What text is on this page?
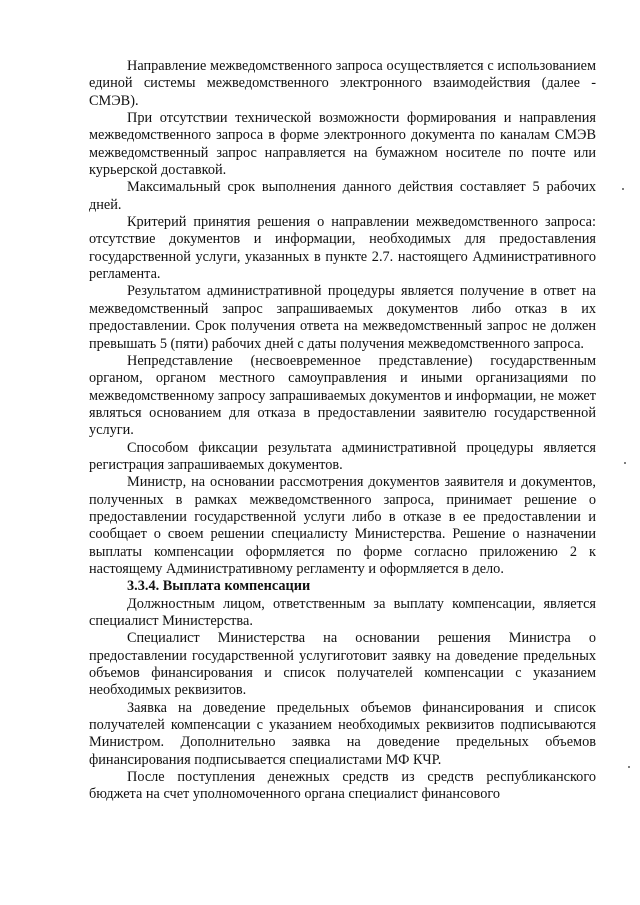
Направление межведомственного запроса осуществляется с использованием единой системы межведомственного электронного взаимодействия (далее - СМЭВ).

При отсутствии технической возможности формирования и направления межведомственного запроса в форме электронного документа по каналам СМЭВ межведомственный запрос направляется на бумажном носителе по почте или курьерской доставкой.

Максимальный срок выполнения данного действия составляет 5 рабочих дней.

Критерий принятия решения о направлении межведомственного запроса: отсутствие документов и информации, необходимых для предоставления государственной услуги, указанных в пункте 2.7. настоящего Административного регламента.

Результатом административной процедуры является получение в ответ на межведомственный запрос запрашиваемых документов либо отказ в их предоставлении. Срок получения ответа на межведомственный запрос не должен превышать 5 (пяти) рабочих дней с даты получения межведомственного запроса.

Непредставление (несвоевременное представление) государственным органом, органом местного самоуправления и иными организациями по межведомственному запросу запрашиваемых документов и информации, не может являться основанием для отказа в предоставлении заявителю государственной услуги.

Способом фиксации результата административной процедуры является регистрация запрашиваемых документов.

Министр, на основании рассмотрения документов заявителя и документов, полученных в рамках межведомственного запроса, принимает решение о предоставлении государственной услуги либо в отказе в ее предоставлении и сообщает о своем решении специалисту Министерства. Решение о назначении выплаты компенсации оформляется по форме согласно приложению 2 к настоящему Административному регламенту и оформляется в дело.

3.3.4. Выплата компенсации

Должностным лицом, ответственным за выплату компенсации, является специалист Министерства.

Специалист Министерства на основании решения Министра о предоставлении государственной услугиготовит заявку на доведение предельных объемов финансирования и список получателей компенсации с указанием необходимых реквизитов.

Заявка на доведение предельных объемов финансирования и список получателей компенсации с указанием необходимых реквизитов подписываются Министром. Дополнительно заявка на доведение предельных объемов финансирования подписывается специалистами МФ КЧР.

После поступления денежных средств из средств республиканского бюджета на счет уполномоченного органа специалист финансового
